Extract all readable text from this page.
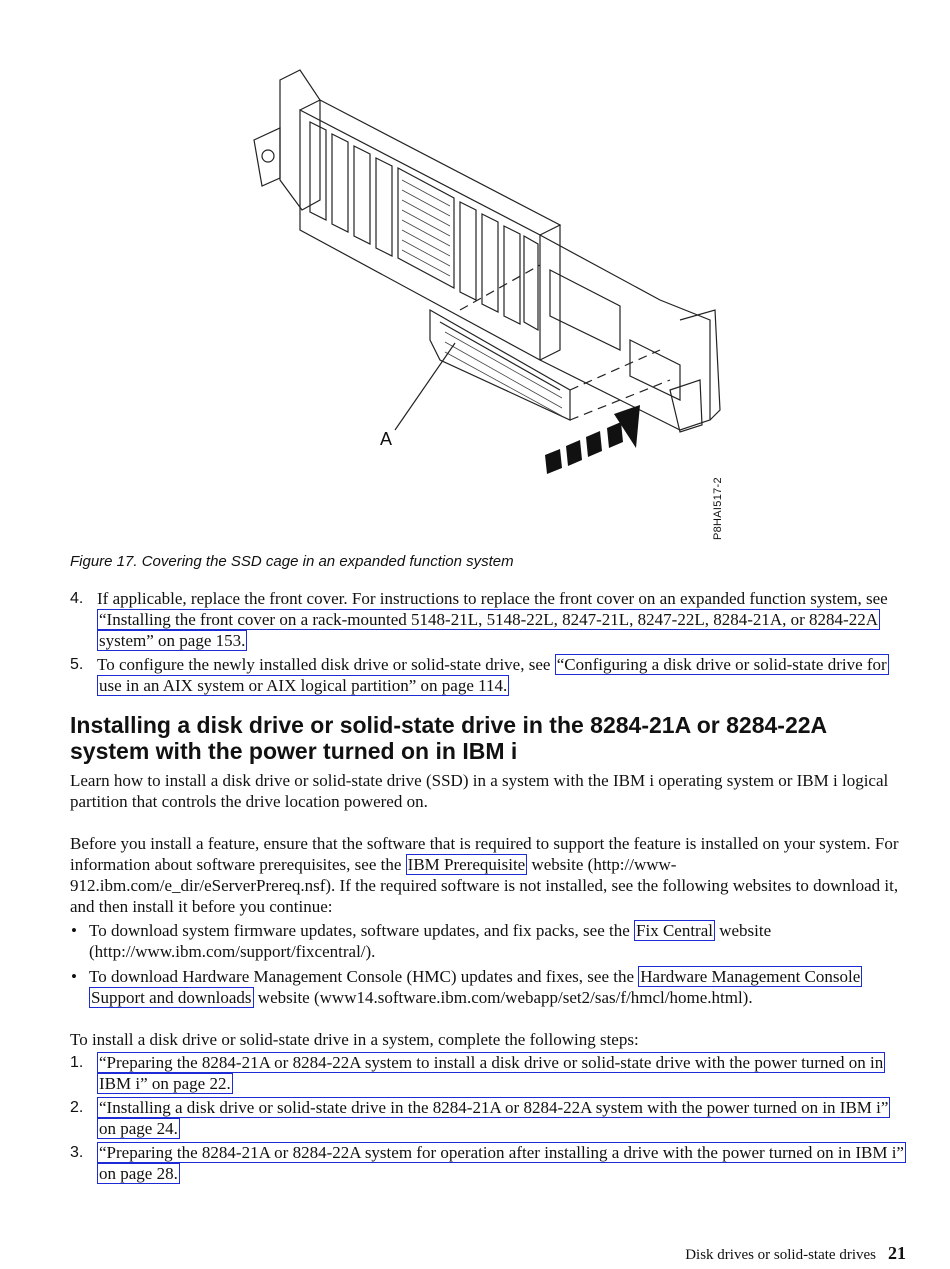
A
P8HAI517-2
Figure 17. Covering the SSD cage in an expanded function system
4. If applicable, replace the front cover. For instructions to replace the front cover on an expanded function system, see “Installing the front cover on a rack-mounted 5148-21L, 5148-22L, 8247-21L, 8247-22L, 8284-21A, or 8284-22A system” on page 153.
5. To configure the newly installed disk drive or solid-state drive, see “Configuring a disk drive or solid-state drive for use in an AIX system or AIX logical partition” on page 114.
Installing a disk drive or solid-state drive in the 8284-21A or 8284-22A system with the power turned on in IBM i

Learn how to install a disk drive or solid-state drive (SSD) in a system with the IBM i operating system or IBM i logical partition that controls the drive location powered on.

Before you install a feature, ensure that the software that is required to support the feature is installed on your system. For information about software prerequisites, see the IBM Prerequisite website (http://www-912.ibm.com/e_dir/eServerPrereq.nsf). If the required software is not installed, see the following websites to download it, and then install it before you continue:

• To download system firmware updates, software updates, and fix packs, see the Fix Central website (http://www.ibm.com/support/fixcentral/).
• To download Hardware Management Console (HMC) updates and fixes, see the Hardware Management Console Support and downloads website (www14.software.ibm.com/webapp/set2/sas/f/hmcl/home.html).

To install a disk drive or solid-state drive in a system, complete the following steps:

1. “Preparing the 8284-21A or 8284-22A system to install a disk drive or solid-state drive with the power turned on in IBM i” on page 22.
2. “Installing a disk drive or solid-state drive in the 8284-21A or 8284-22A system with the power turned on in IBM i” on page 24.
3. “Preparing the 8284-21A or 8284-22A system for operation after installing a drive with the power turned on in IBM i” on page 28.
Disk drives or solid-state drives 21
